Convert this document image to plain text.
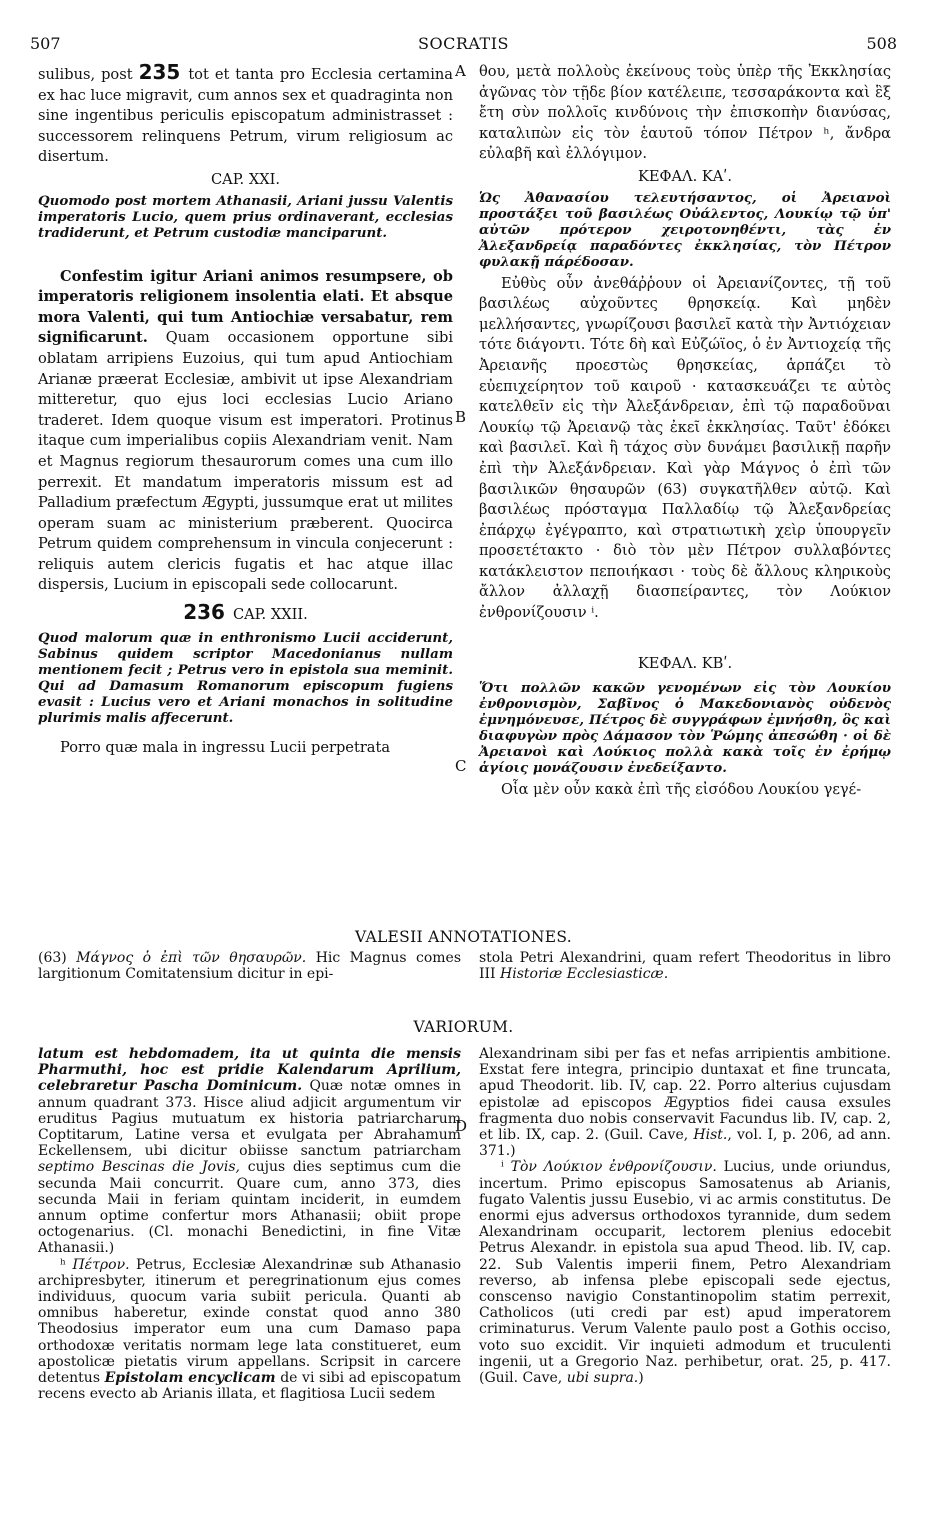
507	SOCRATIS	508
A
B
C
D

sulibus, post 235 tot et tanta pro Ecclesia certamina ex hac luce migravit, cum annos sex et quadraginta non sine ingentibus periculis episcopatum administrasset : successorem relinquens Petrum, virum religiosum ac disertum.

CAP. XXI.

Quomodo post mortem Athanasii, Ariani jussu Valentis imperatoris Lucio, quem prius ordinaverant, ecclesias tradiderunt, et Petrum custodiæ manciparunt.

Confestim igitur Ariani animos resumpsere, ob imperatoris religionem insolentia elati. Et absque mora Valenti, qui tum Antiochiæ versabatur, rem significarunt. Quam occasionem opportune sibi oblatam arripiens Euzoius, qui tum apud Antiochiam Arianæ præerat Ecclesiæ, ambivit ut ipse Alexandriam mitteretur, quo ejus loci ecclesias Lucio Ariano traderet. Idem quoque visum est imperatori. Protinus itaque cum imperialibus copiis Alexandriam venit. Nam et Magnus regiorum thesaurorum comes una cum illo perrexit. Et mandatum imperatoris missum est ad Palladium præfectum Ægypti, jussumque erat ut milites operam suam ac ministerium præberent. Quocirca Petrum quidem comprehensum in vincula conjecerunt : reliquis autem clericis fugatis et hac atque illac dispersis, Lucium in episcopali sede collocarunt.

236 CAP. XXII.

Quod malorum quæ in enthronismo Lucii acciderunt, Sabinus quidem scriptor Macedonianus nullam mentionem fecit ; Petrus vero in epistola sua meminit. Qui ad Damasum Romanorum episcopum fugiens evasit : Lucius vero et Ariani monachos in solitudine plurimis malis affecerunt.

Porro quæ mala in ingressu Lucii perpetrata

θου, μετὰ πολλοὺς ἐκείνους τοὺς ὑπὲρ τῆς Ἐκκλησίας ἀγῶνας τὸν τῇδε βίον κατέλειπε, τεσσαράκοντα καὶ ἓξ ἔτη σὺν πολλοῖς κινδύνοις τὴν ἐπισκοπὴν διανύσας, καταλιπὼν εἰς τὸν ἑαυτοῦ τόπον Πέτρον ʰ, ἄνδρα εὐλαβῆ καὶ ἐλλόγιμον.

ΚΕΦΑΛ. ΚΑʹ.

Ὡς Ἀθανασίου τελευτήσαντος, οἱ Ἀρειανοὶ προστάξει τοῦ βασιλέως Οὐάλεντος, Λουκίῳ τῷ ὑπ' αὐτῶν πρότερον χειροτονηθέντι, τὰς ἐν Ἀλεξανδρείᾳ παραδόντες ἐκκλησίας, τὸν Πέτρον φυλακῇ πάρέδοσαν.

Εὐθὺς οὖν ἀνεθάῤῥουν οἱ Ἀρειανίζοντες, τῇ τοῦ βασιλέως αὐχοῦντες θρησκείᾳ. Καὶ μηδὲν μελλήσαντες, γνωρίζουσι βασιλεῖ κατὰ τὴν Ἀντιόχειαν τότε διάγοντι. Τότε δὴ καὶ Εὐζώϊος, ὁ ἐν Ἀντιοχείᾳ τῆς Ἀρειανῆς προεστὼς θρησκείας, ἁρπάζει τὸ εὐεπιχείρητον τοῦ καιροῦ · κατασκευάζει τε αὐτὸς κατελθεῖν εἰς τὴν Ἀλεξάνδρειαν, ἐπὶ τῷ παραδοῦναι Λουκίῳ τῷ Ἀρειανῷ τὰς ἐκεῖ ἐκκλησίας. Ταῦτ' ἐδόκει καὶ βασιλεῖ. Καὶ ἢ τάχος σὺν δυνάμει βασιλικῇ παρῆν ἐπὶ τὴν Ἀλεξάνδρειαν. Καὶ γὰρ Μάγνος ὁ ἐπὶ τῶν βασιλικῶν θησαυρῶν (63) συγκατῆλθεν αὐτῷ. Καὶ βασιλέως πρόσταγμα Παλλαδίῳ τῷ Ἀλεξανδρείας ἐπάρχῳ ἐγέγραπτο, καὶ στρατιωτικὴ χεὶρ ὑπουργεῖν προσετέτακτο · διὸ τὸν μὲν Πέτρον συλλαβόντες κατάκλειστον πεποιήκασι · τοὺς δὲ ἄλλους κληρικοὺς ἄλλον ἀλλαχῇ διασπείραντες, τὸν Λούκιον ἐνθρονίζουσιν ⁱ.

ΚΕΦΑΛ. ΚΒʹ.

Ὅτι πολλῶν κακῶν γενομένων εἰς τὸν Λουκίου ἐνθρονισμὸν, Σαβῖνος ὁ Μακεδονιανὸς οὐδενὸς ἐμνημόνευσε, Πέτρος δὲ συγγράφων ἐμνήσθη, ὃς καὶ διαφυγὼν πρὸς Δάμασον τὸν Ῥώμης ἀπεσώθη · οἱ δὲ Ἀρειανοὶ καὶ Λούκιος πολλὰ κακὰ τοῖς ἐν ἐρήμῳ ἁγίοις μονάζουσιν ἐνεδείξαντο.

Οἷα μὲν οὖν κακὰ ἐπὶ τῆς εἰσόδου Λουκίου γεγέ-

VALESII ANNOTATIONES.
(63) Μάγνος ὁ ἐπὶ τῶν θησαυρῶν. Hic Magnus comes largitionum Comitatensium dicitur in epi-
stola Petri Alexandrini, quam refert Theodoritus in libro III Historiæ Ecclesiasticæ.
VARIORUM.

latum est hebdomadem, ita ut quinta die mensis Pharmuthi, hoc est pridie Kalendarum Aprilium, celebraretur Pascha Dominicum. Quæ notæ omnes in annum quadrant 373. Hisce aliud adjicit argumentum vir eruditus Pagius mutuatum ex historia patriarcharum Coptitarum, Latine versa et evulgata per Abrahamum Eckellensem, ubi dicitur obiisse sanctum patriarcham septimo Bescinas die Jovis, cujus dies septimus cum die secunda Maii concurrit. Quare cum, anno 373, dies secunda Maii in feriam quintam inciderit, in eumdem annum optime confertur mors Athanasii; obiit prope octogenarius. (Cl. monachi Benedictini, in fine Vitæ Athanasii.)

ʰ Πέτρον. Petrus, Ecclesiæ Alexandrinæ sub Athanasio archipresbyter, itinerum et peregrinationum ejus comes individuus, quocum varia subiit pericula. Quanti ab omnibus haberetur, exinde constat quod anno 380 Theodosius imperator eum una cum Damaso papa orthodoxæ veritatis normam lege lata constitueret, eum apostolicæ pietatis virum appellans. Scripsit in carcere detentus Epistolam encyclicam de vi sibi ad episcopatum recens evecto ab Arianis illata, et flagitiosa Lucii sedem

Alexandrinam sibi per fas et nefas arripientis ambitione. Exstat fere integra, principio duntaxat et fine truncata, apud Theodorit. lib. IV, cap. 22. Porro alterius cujusdam epistolæ ad episcopos Ægyptios fidei causa exsules fragmenta duo nobis conservavit Facundus lib. IV, cap. 2, et lib. IX, cap. 2. (Guil. Cave, Hist., vol. I, p. 206, ad ann. 371.)

ⁱ Τὸν Λούκιον ἐνθρονίζουσιν. Lucius, unde oriundus, incertum. Primo episcopus Samosatenus ab Arianis, fugato Valentis jussu Eusebio, vi ac armis constitutus. De enormi ejus adversus orthodoxos tyrannide, dum sedem Alexandrinam occuparit, lectorem plenius edocebit Petrus Alexandr. in epistola sua apud Theod. lib. IV, cap. 22. Sub Valentis imperii finem, Petro Alexandriam reverso, ab infensa plebe episcopali sede ejectus, conscenso navigio Constantinopolim statim perrexit, Catholicos (uti credi par est) apud imperatorem criminaturus. Verum Valente paulo post a Gothis occiso, voto suo excidit. Vir inquieti admodum et truculenti ingenii, ut a Gregorio Naz. perhibetur, orat. 25, p. 417. (Guil. Cave, ubi supra.)
